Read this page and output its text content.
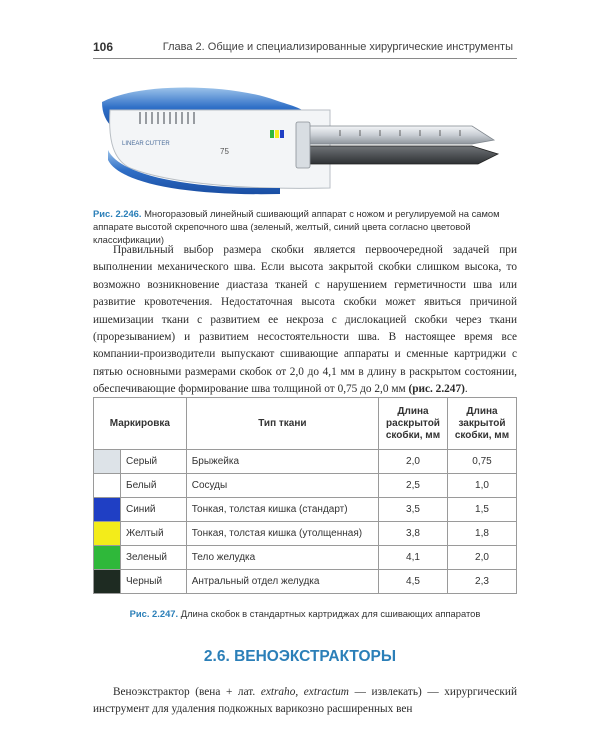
106	Глава 2. Общие и специализированные хирургические инструменты
LINEAR CUTTER
75
Рис. 2.246. Многоразовый линейный сшивающий аппарат с ножом и регулируемой на самом аппарате высотой скрепочного шва (зеленый, желтый, синий цвета согласно цветовой классификации)
Правильный выбор размера скобки является первоочередной задачей при выполнении механического шва. Если высота закрытой скобки слишком высока, то возможно возникновение диастаза тканей с нарушением герметичности шва или развитие кровотечения. Недостаточная высота скобки может явиться причиной ишемизации ткани с развитием ее некроза с дислокацией скобки через ткани (прорезыванием) и развитием несостоятельности шва. В настоящее время все компании-производители выпускают сшивающие аппараты и сменные картриджи с пятью основными размерами скобок от 2,0 до 4,1 мм в длину в раскрытом состоянии, обеспечивающие формирование шва толщиной от 0,75 до 2,0 мм (рис. 2.247).
Маркировка		Тип ткани	Длина раскрытой скобки, мм	Длина закрытой скобки, мм
	Серый	Брыжейка	2,0	0,75
	Белый	Сосуды	2,5	1,0
	Синий	Тонкая, толстая кишка (стандарт)	3,5	1,5
	Желтый	Тонкая, толстая кишка (утолщенная)	3,8	1,8
	Зеленый	Тело желудка	4,1	2,0
	Черный	Антральный отдел желудка	4,5	2,3
Рис. 2.247. Длина скобок в стандартных картриджах для сшивающих аппаратов
2.6. ВЕНОЭКСТРАКТОРЫ
Веноэкстрактор (вена + лат. extraho, extractum — извлекать) — хирургический инструмент для удаления подкожных варикозно расширенных вен
